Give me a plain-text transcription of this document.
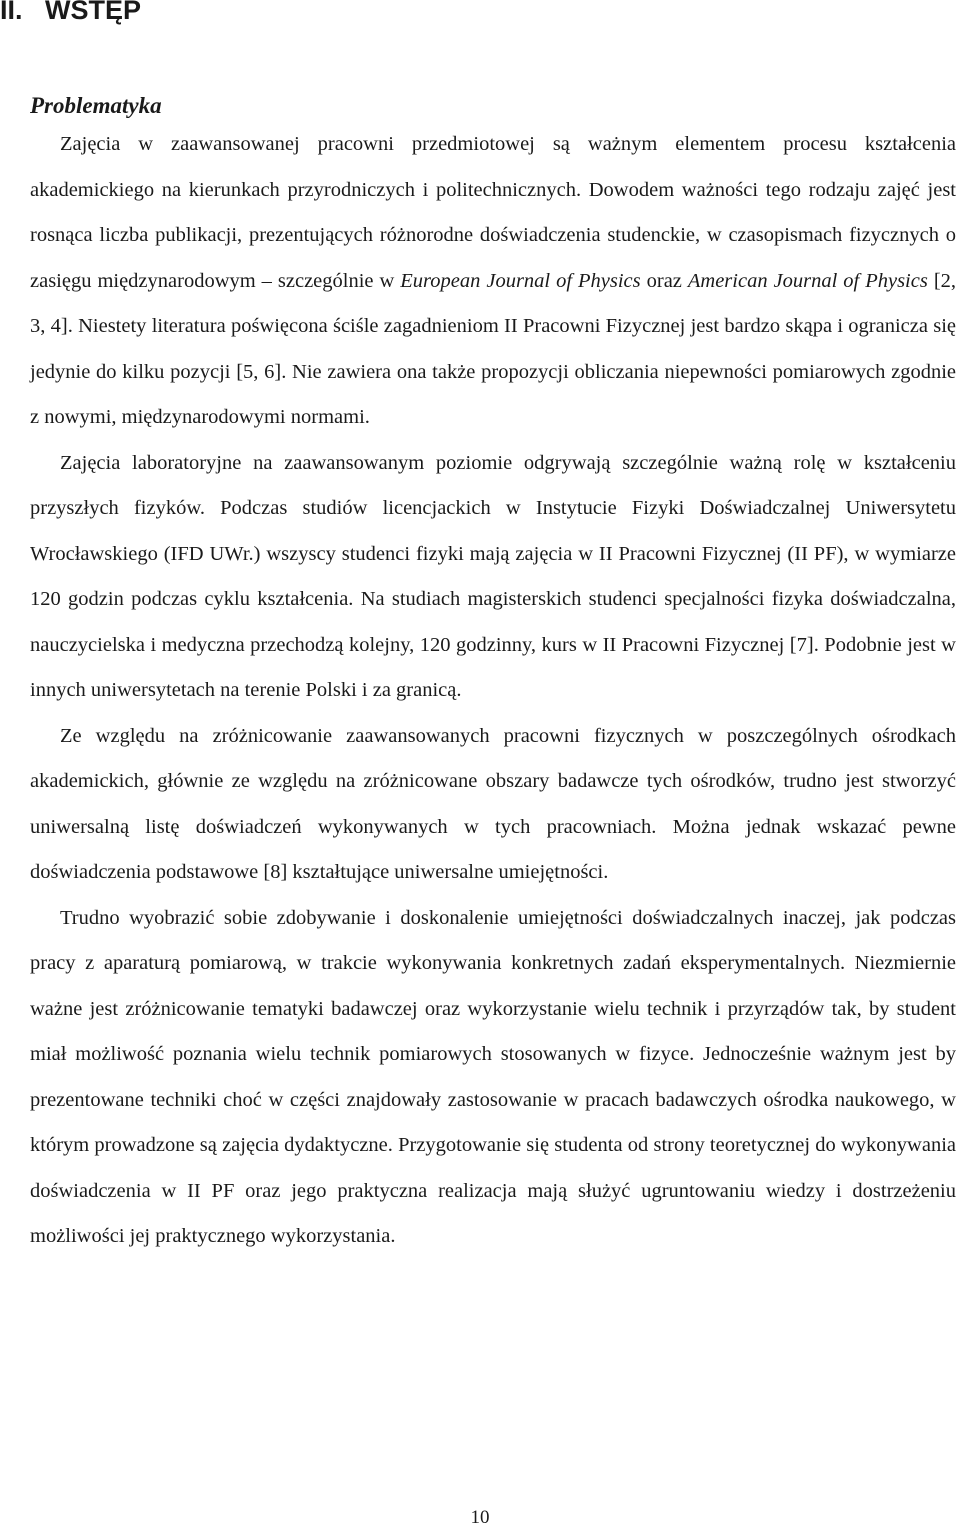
II. WSTĘP
Problematyka

Zajęcia w zaawansowanej pracowni przedmiotowej są ważnym elementem procesu kształcenia akademickiego na kierunkach przyrodniczych i politechnicznych. Dowodem ważności tego rodzaju zajęć jest rosnąca liczba publikacji, prezentujących różnorodne doświadczenia studenckie, w czasopismach fizycznych o zasięgu międzynarodowym – szczególnie w European Journal of Physics oraz American Journal of Physics [2, 3, 4]. Niestety literatura poświęcona ściśle zagadnieniom II Pracowni Fizycznej jest bardzo skąpa i ogranicza się jedynie do kilku pozycji [5, 6]. Nie zawiera ona także propozycji obliczania niepewności pomiarowych zgodnie z nowymi, międzynarodowymi normami.

Zajęcia laboratoryjne na zaawansowanym poziomie odgrywają szczególnie ważną rolę w kształceniu przyszłych fizyków. Podczas studiów licencjackich w Instytucie Fizyki Doświadczalnej Uniwersytetu Wrocławskiego (IFD UWr.) wszyscy studenci fizyki mają zajęcia w II Pracowni Fizycznej (II PF), w wymiarze 120 godzin podczas cyklu kształcenia. Na studiach magisterskich studenci specjalności fizyka doświadczalna, nauczycielska i medyczna przechodzą kolejny, 120 godzinny, kurs w II Pracowni Fizycznej [7]. Podobnie jest w innych uniwersytetach na terenie Polski i za granicą.

Ze względu na zróżnicowanie zaawansowanych pracowni fizycznych w poszczególnych ośrodkach akademickich, głównie ze względu na zróżnicowane obszary badawcze tych ośrodków, trudno jest stworzyć uniwersalną listę doświadczeń wykonywanych w tych pracowniach. Można jednak wskazać pewne doświadczenia podstawowe [8] kształtujące uniwersalne umiejętności.

Trudno wyobrazić sobie zdobywanie i doskonalenie umiejętności doświadczalnych inaczej, jak podczas pracy z aparaturą pomiarową, w trakcie wykonywania konkretnych zadań eksperymentalnych. Niezmiernie ważne jest zróżnicowanie tematyki badawczej oraz wykorzystanie wielu technik i przyrządów tak, by student miał możliwość poznania wielu technik pomiarowych stosowanych w fizyce. Jednocześnie ważnym jest by prezentowane techniki choć w części znajdowały zastosowanie w pracach badawczych ośrodka naukowego, w którym prowadzone są zajęcia dydaktyczne. Przygotowanie się studenta od strony teoretycznej do wykonywania doświadczenia w II PF oraz jego praktyczna realizacja mają służyć ugruntowaniu wiedzy i dostrzeżeniu możliwości jej praktycznego wykorzystania.

10
